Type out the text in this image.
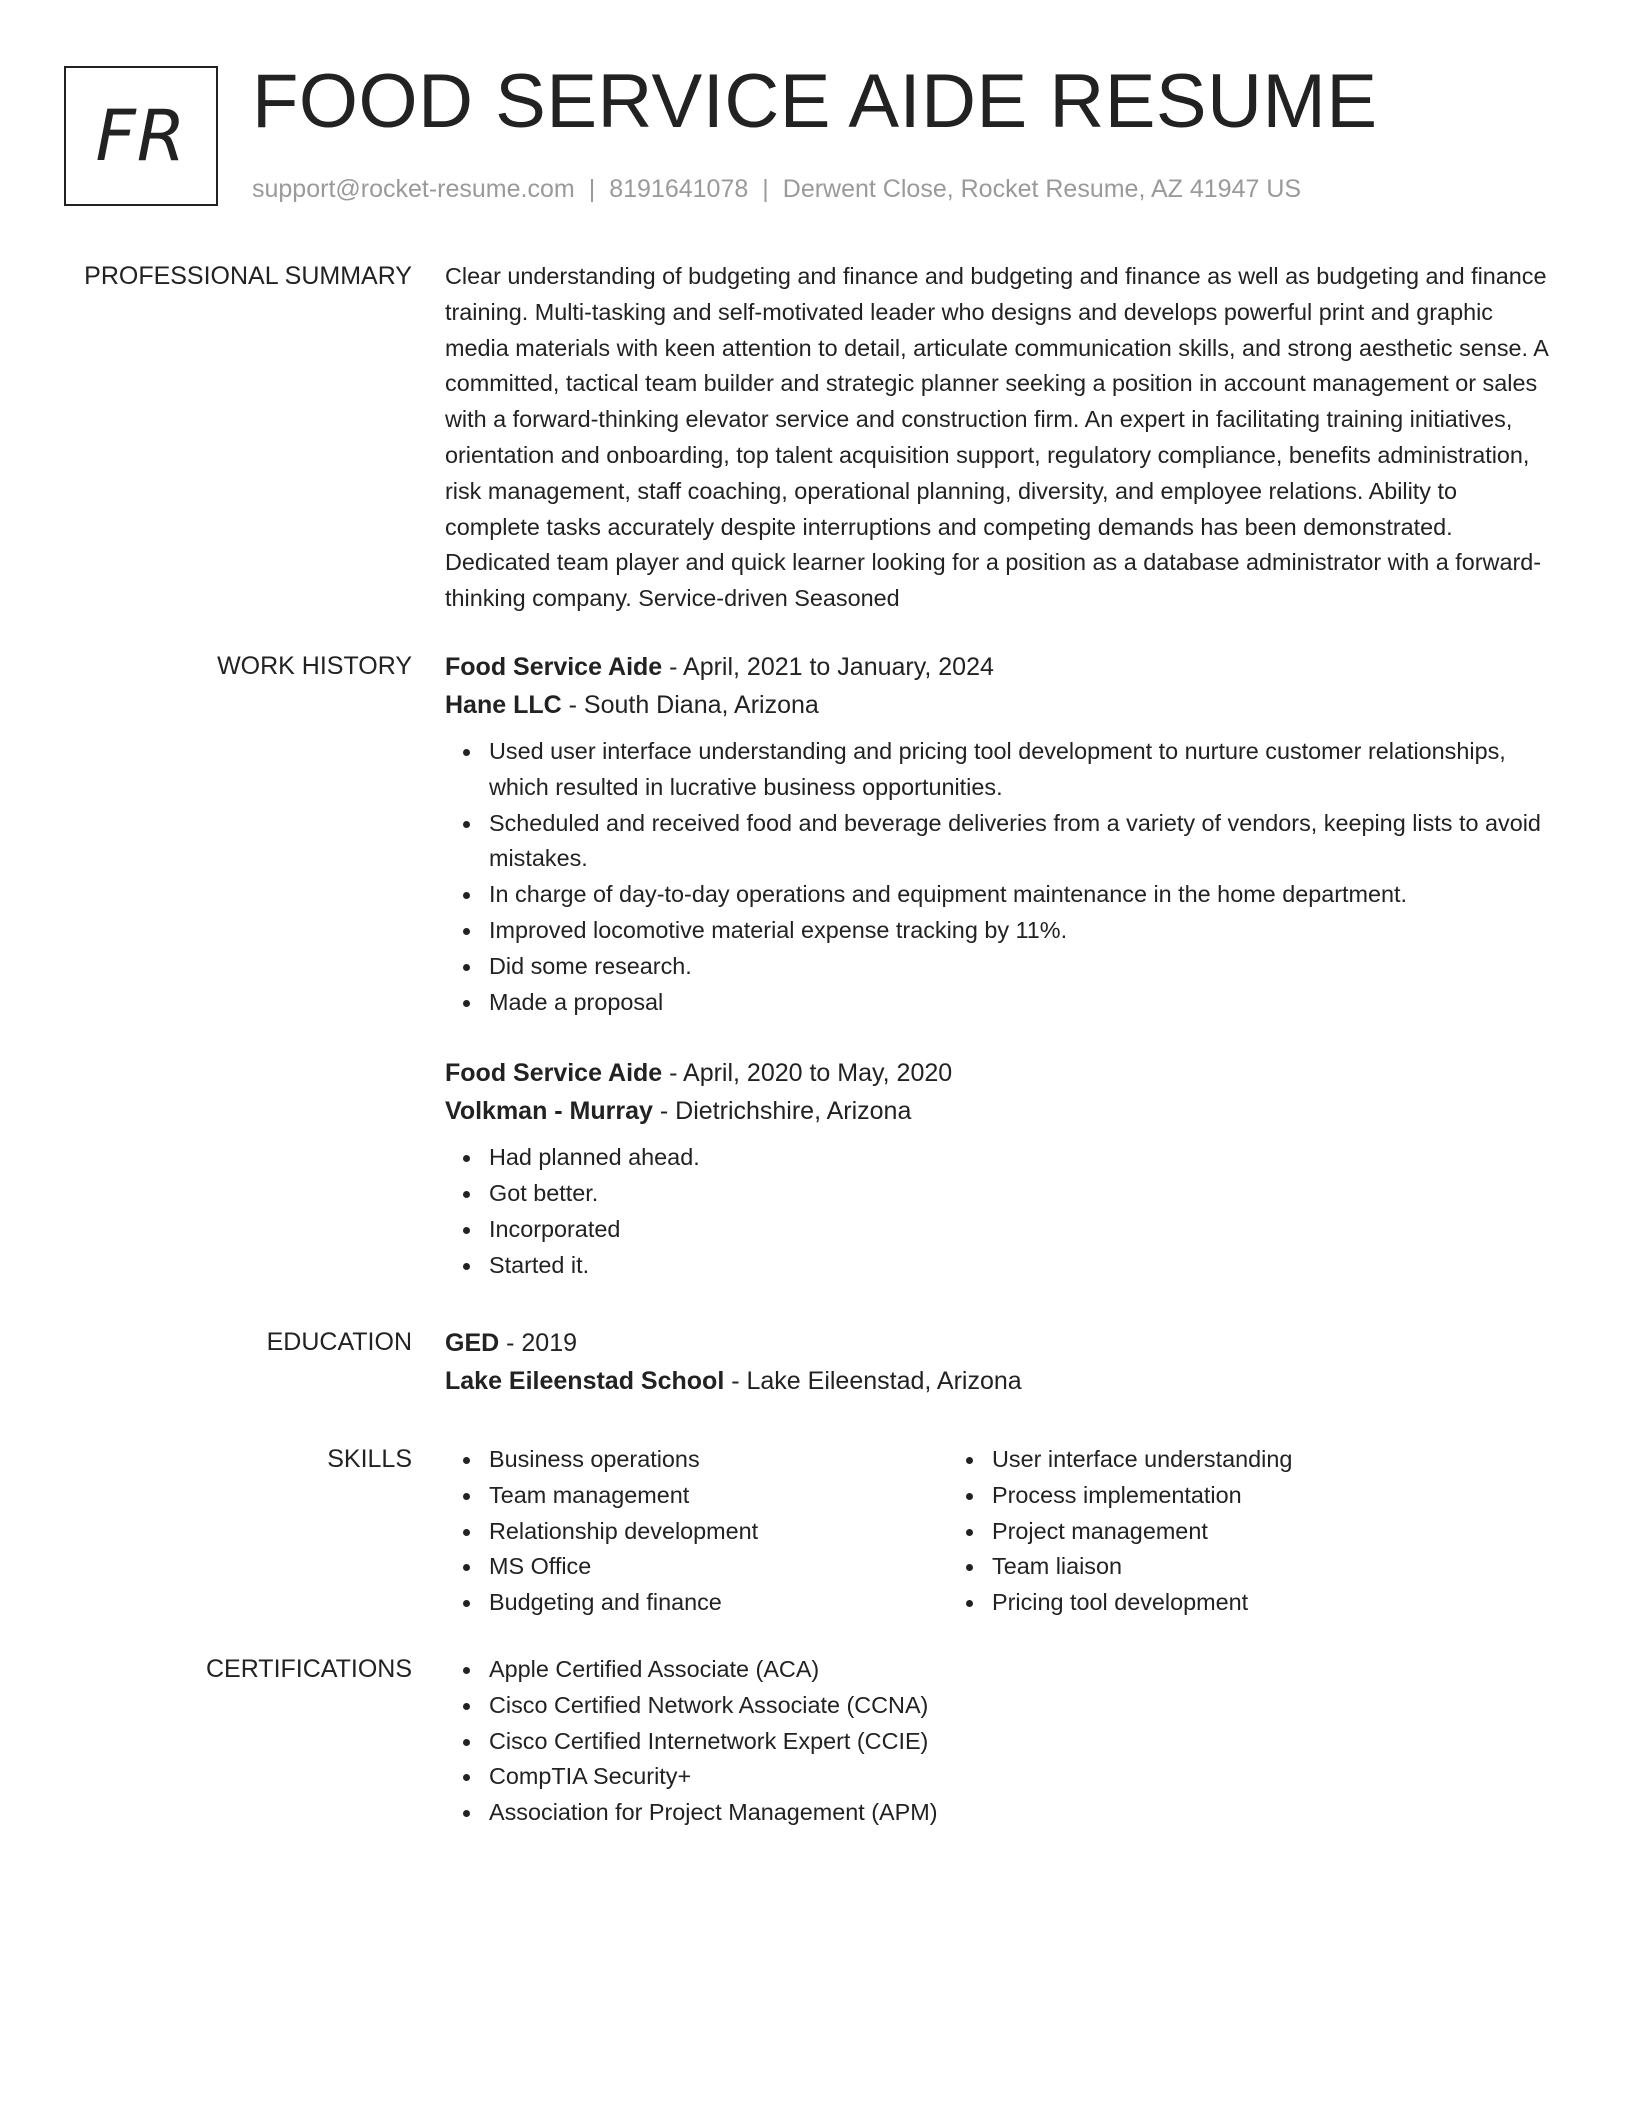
FR FOOD SERVICE AIDE RESUME
support@rocket-resume.com | 8191641078 | Derwent Close, Rocket Resume, AZ 41947 US
PROFESSIONAL SUMMARY Clear understanding of budgeting and finance and budgeting and finance as well as budgeting and finance training. Multi-tasking and self-motivated leader who designs and develops powerful print and graphic media materials with keen attention to detail, articulate communication skills, and strong aesthetic sense. A committed, tactical team builder and strategic planner seeking a position in account management or sales with a forward-thinking elevator service and construction firm. An expert in facilitating training initiatives, orientation and onboarding, top talent acquisition support, regulatory compliance, benefits administration, risk management, staff coaching, operational planning, diversity, and employee relations. Ability to complete tasks accurately despite interruptions and competing demands has been demonstrated. Dedicated team player and quick learner looking for a position as a database administrator with a forward-thinking company. Service-driven Seasoned

WORK HISTORY Food Service Aide - April, 2021 to January, 2024
Hane LLC - South Diana, Arizona
Used user interface understanding and pricing tool development to nurture customer relationships, which resulted in lucrative business opportunities.
Scheduled and received food and beverage deliveries from a variety of vendors, keeping lists to avoid mistakes.
In charge of day-to-day operations and equipment maintenance in the home department.
Improved locomotive material expense tracking by 11%.
Did some research.
Made a proposal
Food Service Aide - April, 2020 to May, 2020
Volkman - Murray - Dietrichshire, Arizona
Had planned ahead.
Got better.
Incorporated
Started it.
EDUCATION GED - 2019
Lake Eileenstad School - Lake Eileenstad, Arizona
SKILLS	Business operations
Team management
Relationship development
MS Office
Budgeting and finance
User interface understanding
Process implementation
Project management
Team liaison
Pricing tool development
CERTIFICATIONS	Apple Certified Associate (ACA)
Cisco Certified Network Associate (CCNA)
Cisco Certified Internetwork Expert (CCIE)
CompTIA Security+
Association for Project Management (APM)
